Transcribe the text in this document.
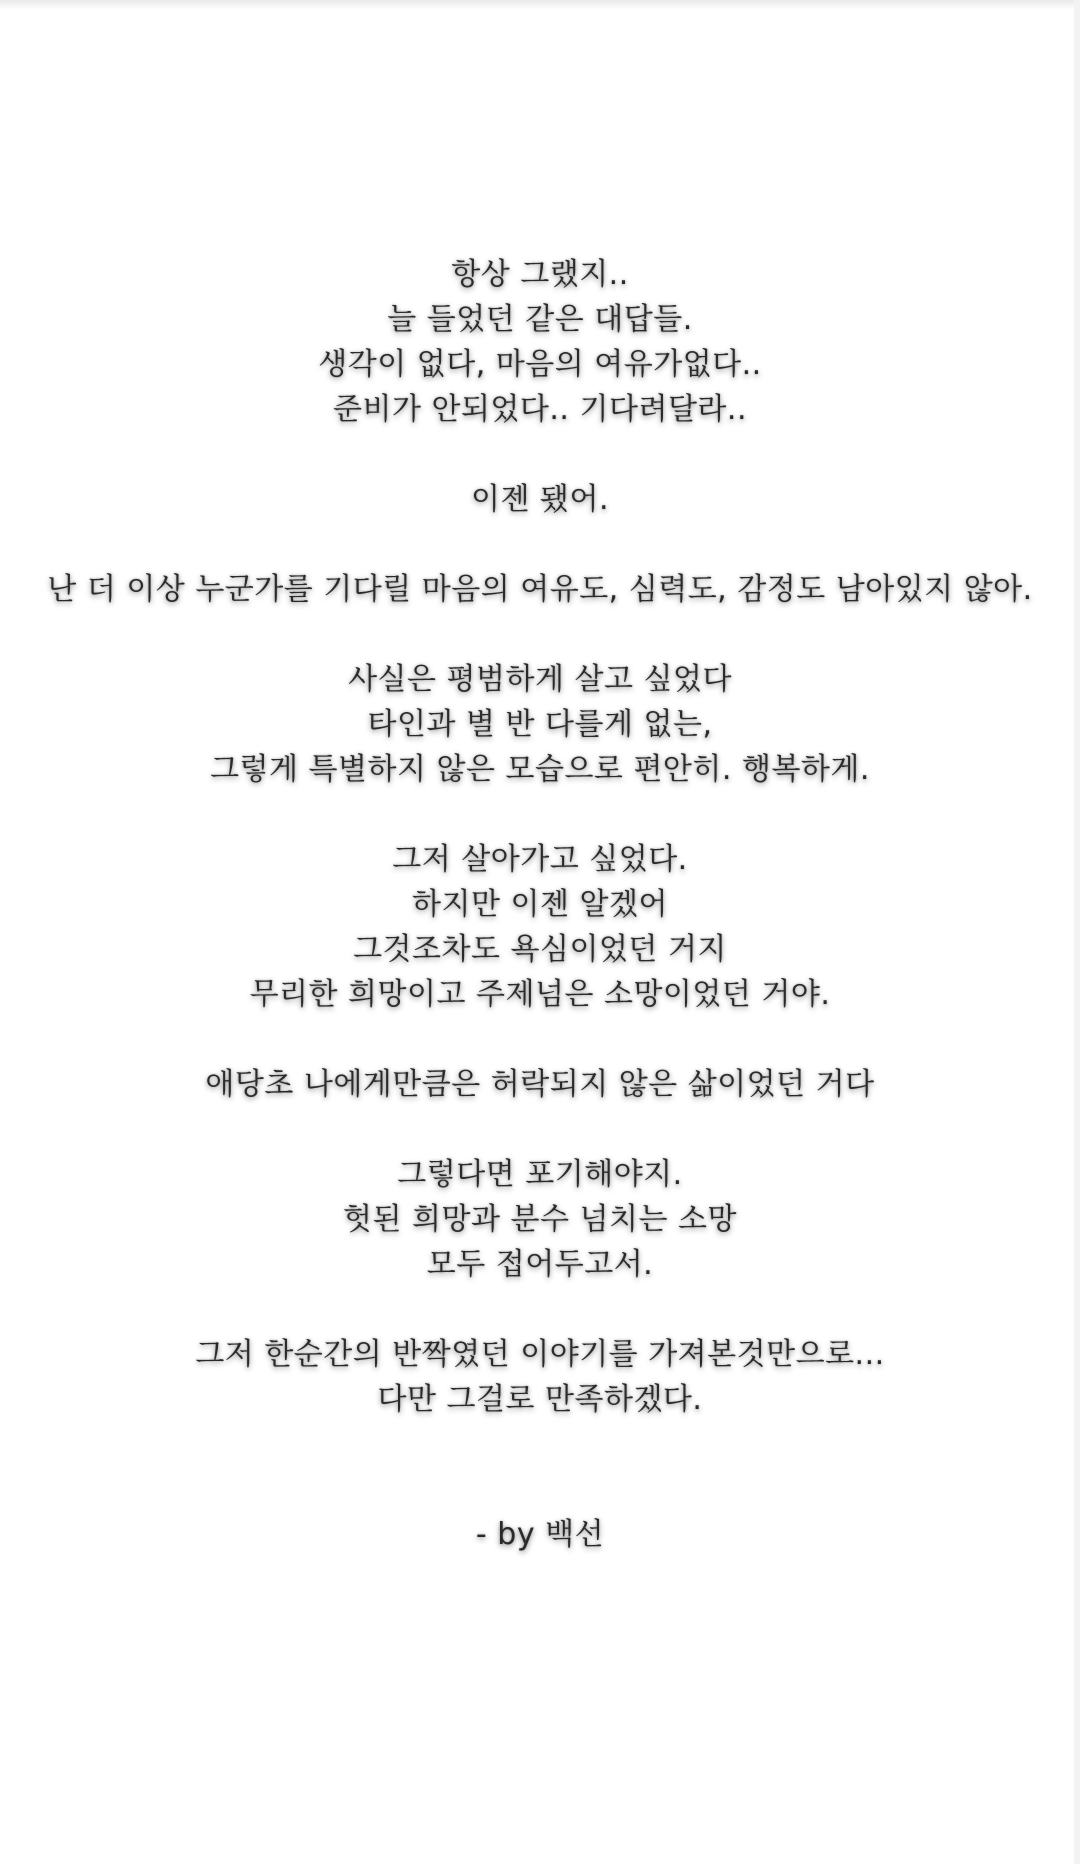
항상 그랬지..
늘 들었던 같은 대답들.
생각이 없다, 마음의 여유가없다..
준비가 안되었다.. 기다려달라..
이젠 됐어.
난 더 이상 누군가를 기다릴 마음의 여유도, 심력도, 감정도 남아있지 않아.
사실은 평범하게 살고 싶었다
타인과 별 반 다를게 없는,
그렇게 특별하지 않은 모습으로 편안히. 행복하게.
그저 살아가고 싶었다.
하지만 이젠 알겠어
그것조차도 욕심이었던 거지
무리한 희망이고 주제넘은 소망이었던 거야.
애당초 나에게만큼은 허락되지 않은 삶이었던 거다
그렇다면 포기해야지.
헛된 희망과 분수 넘치는 소망
모두 접어두고서.
그저 한순간의 반짝였던 이야기를 가져본것만으로...
다만 그걸로 만족하겠다.
- by 백선
